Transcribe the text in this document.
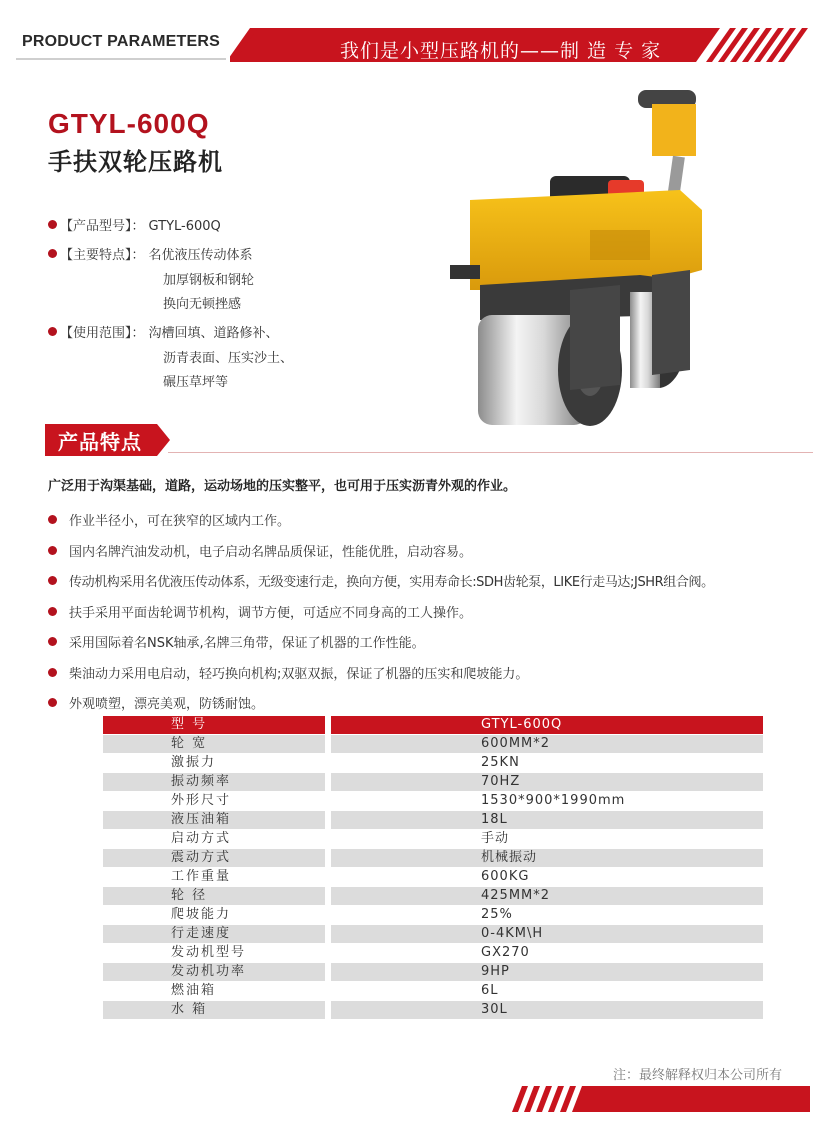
PRODUCT PARAMETERS	我们是小型压路机的——制 造 专 家
GTYL-600Q
手扶双轮压路机
【产品型号】： GTYL-600Q
【主要特点】： 名优液压传动体系
加厚钢板和钢轮
换向无顿挫感
【使用范围】： 沟槽回填、道路修补、
沥青表面、压实沙土、
碾压草坪等
产品特点
广泛用于沟渠基础，道路，运动场地的压实整平，也可用于压实沥青外观的作业。
作业半径小，可在狭窄的区域内工作。
国内名牌汽油发动机，电子启动名牌品质保证，性能优胜，启动容易。
传动机构采用名优液压传动体系，无级变速行走，换向方便，实用寿命长:SDH齿轮泵，LIKE行走马达;JSHR组合阀。
扶手采用平面齿轮调节机构，调节方便，可适应不同身高的工人操作。
采用国际着名NSK轴承,名牌三角带，保证了机器的工作性能。
柴油动力采用电启动，轻巧换向机构;双驱双振，保证了机器的压实和爬坡能力。
外观喷塑，漂亮美观，防锈耐蚀。
型 号	GTYL-600Q
轮 宽	600MM*2
激振力	25KN
振动频率	70HZ
外形尺寸	1530*900*1990mm
液压油箱	18L
启动方式	手动
震动方式	机械振动
工作重量	600KG
轮 径	425MM*2
爬坡能力	25%
行走速度	0-4KM\H
发动机型号	GX270
发动机功率	9HP
燃油箱	6L
水 箱	30L
注：最终解释权归本公司所有
